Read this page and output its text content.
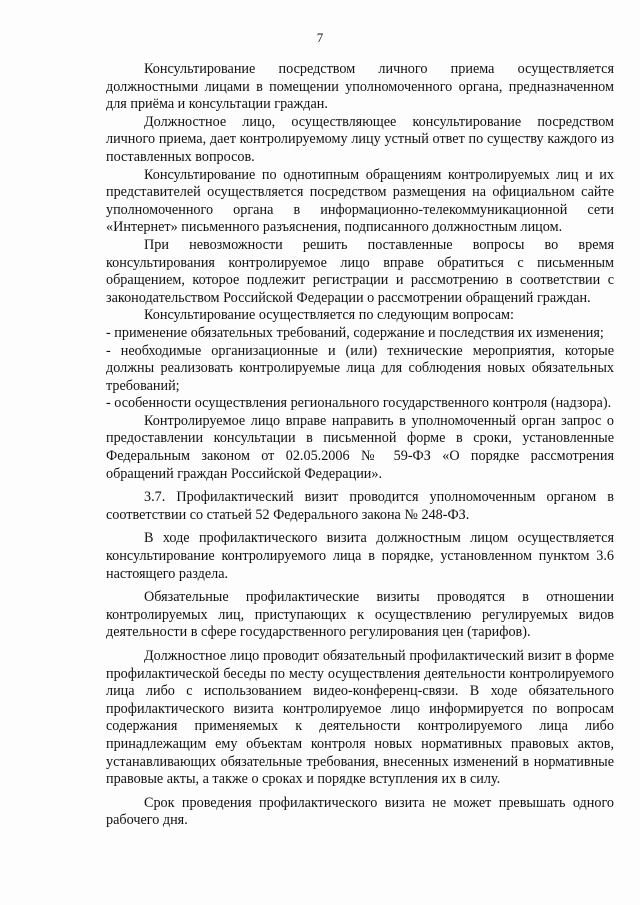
7

Консультирование посредством личного приема осуществляется должностными лицами в помещении уполномоченного органа, предназначенном для приёма и консультации граждан.

Должностное лицо, осуществляющее консультирование посредством личного приема, дает контролируемому лицу устный ответ по существу каждого из поставленных вопросов.

Консультирование по однотипным обращениям контролируемых лиц и их представителей осуществляется посредством размещения на официальном сайте уполномоченного органа в информационно-телекоммуникационной сети «Интернет» письменного разъяснения, подписанного должностным лицом.

При невозможности решить поставленные вопросы во время консультирования контролируемое лицо вправе обратиться с письменным обращением, которое подлежит регистрации и рассмотрению в соответствии с законодательством Российской Федерации о рассмотрении обращений граждан.

Консультирование осуществляется по следующим вопросам:

- применение обязательных требований, содержание и последствия их изменения;

- необходимые организационные и (или) технические мероприятия, которые должны реализовать контролируемые лица для соблюдения новых обязательных требований;

- особенности осуществления регионального государственного контроля (надзора).

Контролируемое лицо вправе направить в уполномоченный орган запрос о предоставлении консультации в письменной форме в сроки, установленные Федеральным законом от 02.05.2006 № 59-ФЗ «О порядке рассмотрения обращений граждан Российской Федерации».

3.7. Профилактический визит проводится уполномоченным органом в соответствии со статьей 52 Федерального закона № 248-ФЗ.

В ходе профилактического визита должностным лицом осуществляется консультирование контролируемого лица в порядке, установленном пунктом 3.6 настоящего раздела.

Обязательные профилактические визиты проводятся в отношении контролируемых лиц, приступающих к осуществлению регулируемых видов деятельности в сфере государственного регулирования цен (тарифов).

Должностное лицо проводит обязательный профилактический визит в форме профилактической беседы по месту осуществления деятельности контролируемого лица либо с использованием видео-конференц-связи. В ходе обязательного профилактического визита контролируемое лицо информируется по вопросам содержания применяемых к деятельности контролируемого лица либо принадлежащим ему объектам контроля новых нормативных правовых актов, устанавливающих обязательные требования, внесенных изменений в нормативные правовые акты, а также о сроках и порядке вступления их в силу.

Срок проведения профилактического визита не может превышать одного рабочего дня.
